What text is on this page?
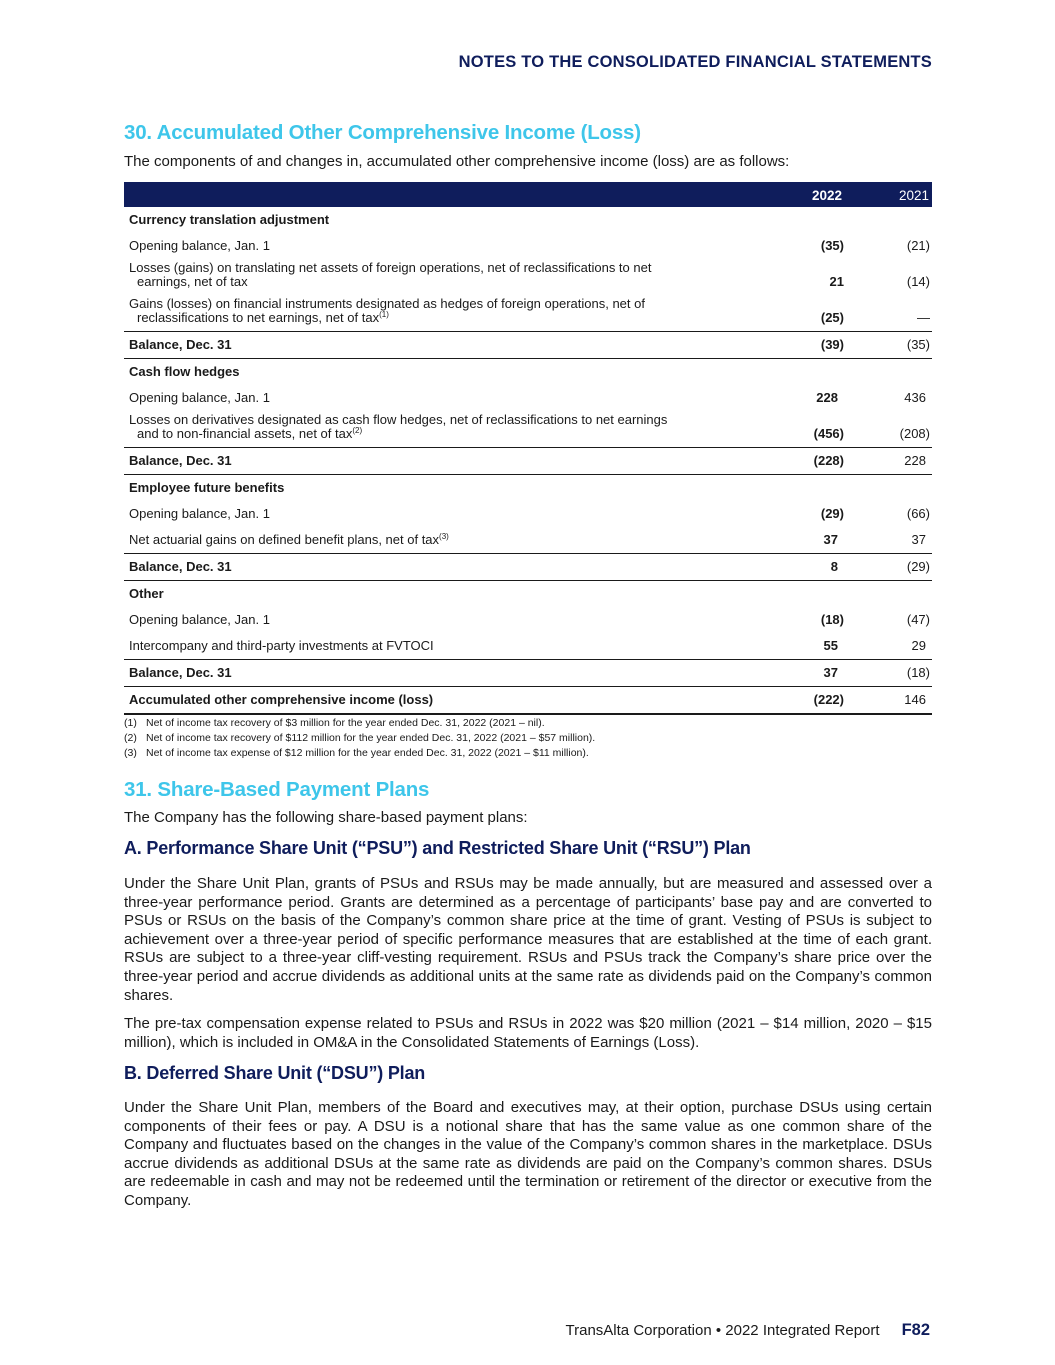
NOTES TO THE CONSOLIDATED FINANCIAL STATEMENTS
30. Accumulated Other Comprehensive Income (Loss)
The components of and changes in, accumulated other comprehensive income (loss) are as follows:
2022	2021
Currency translation adjustment
Opening balance, Jan. 1	(35)	(21)
Losses (gains) on translating net assets of foreign operations, net of reclassifications to net
earnings, net of tax	21	(14)
Gains (losses) on financial instruments designated as hedges of foreign operations, net of
reclassifications to net earnings, net of tax$^{(1)}$	(25)	—
Balance, Dec. 31	(39)	(35)
Cash flow hedges
Opening balance, Jan. 1	228	436
Losses on derivatives designated as cash flow hedges, net of reclassifications to net earnings
and to non-financial assets, net of tax$^{(2)}$	(456)	(208)
Balance, Dec. 31	(228)	228
Employee future benefits
Opening balance, Jan. 1	(29)	(66)
Net actuarial gains on defined benefit plans, net of tax$^{(3)}$	37	37
Balance, Dec. 31	8	(29)
Other
Opening balance, Jan. 1	(18)	(47)
Intercompany and third-party investments at FVTOCI	55	29
Balance, Dec. 31	37	(18)
Accumulated other comprehensive income (loss)	(222)	146
(1) Net of income tax recovery of $3 million for the year ended Dec. 31, 2022 (2021 – nil).
(2) Net of income tax recovery of $112 million for the year ended Dec. 31, 2022 (2021 – $57 million).
(3) Net of income tax expense of $12 million for the year ended Dec. 31, 2022 (2021 – $11 million).
31. Share-Based Payment Plans
The Company has the following share-based payment plans:
A. Performance Share Unit (“PSU”) and Restricted Share Unit (“RSU”) Plan
Under the Share Unit Plan, grants of PSUs and RSUs may be made annually, but are measured and assessed over a three-year performance period. Grants are determined as a percentage of participants’ base pay and are converted to PSUs or RSUs on the basis of the Company’s common share price at the time of grant. Vesting of PSUs is subject to achievement over a three-year period of specific performance measures that are established at the time of each grant. RSUs are subject to a three-year cliff-vesting requirement. RSUs and PSUs track the Company’s share price over the three-year period and accrue dividends as additional units at the same rate as dividends paid on the Company’s common shares.
The pre-tax compensation expense related to PSUs and RSUs in 2022 was $20 million (2021 – $14 million, 2020 – $15 million), which is included in OM&A in the Consolidated Statements of Earnings (Loss).
B. Deferred Share Unit (“DSU”) Plan
Under the Share Unit Plan, members of the Board and executives may, at their option, purchase DSUs using certain components of their fees or pay. A DSU is a notional share that has the same value as one common share of the Company and fluctuates based on the changes in the value of the Company’s common shares in the marketplace. DSUs accrue dividends as additional DSUs at the same rate as dividends are paid on the Company’s common shares. DSUs are redeemable in cash and may not be redeemed until the termination or retirement of the director or executive from the Company.
TransAlta Corporation • 2022 Integrated Report F82
